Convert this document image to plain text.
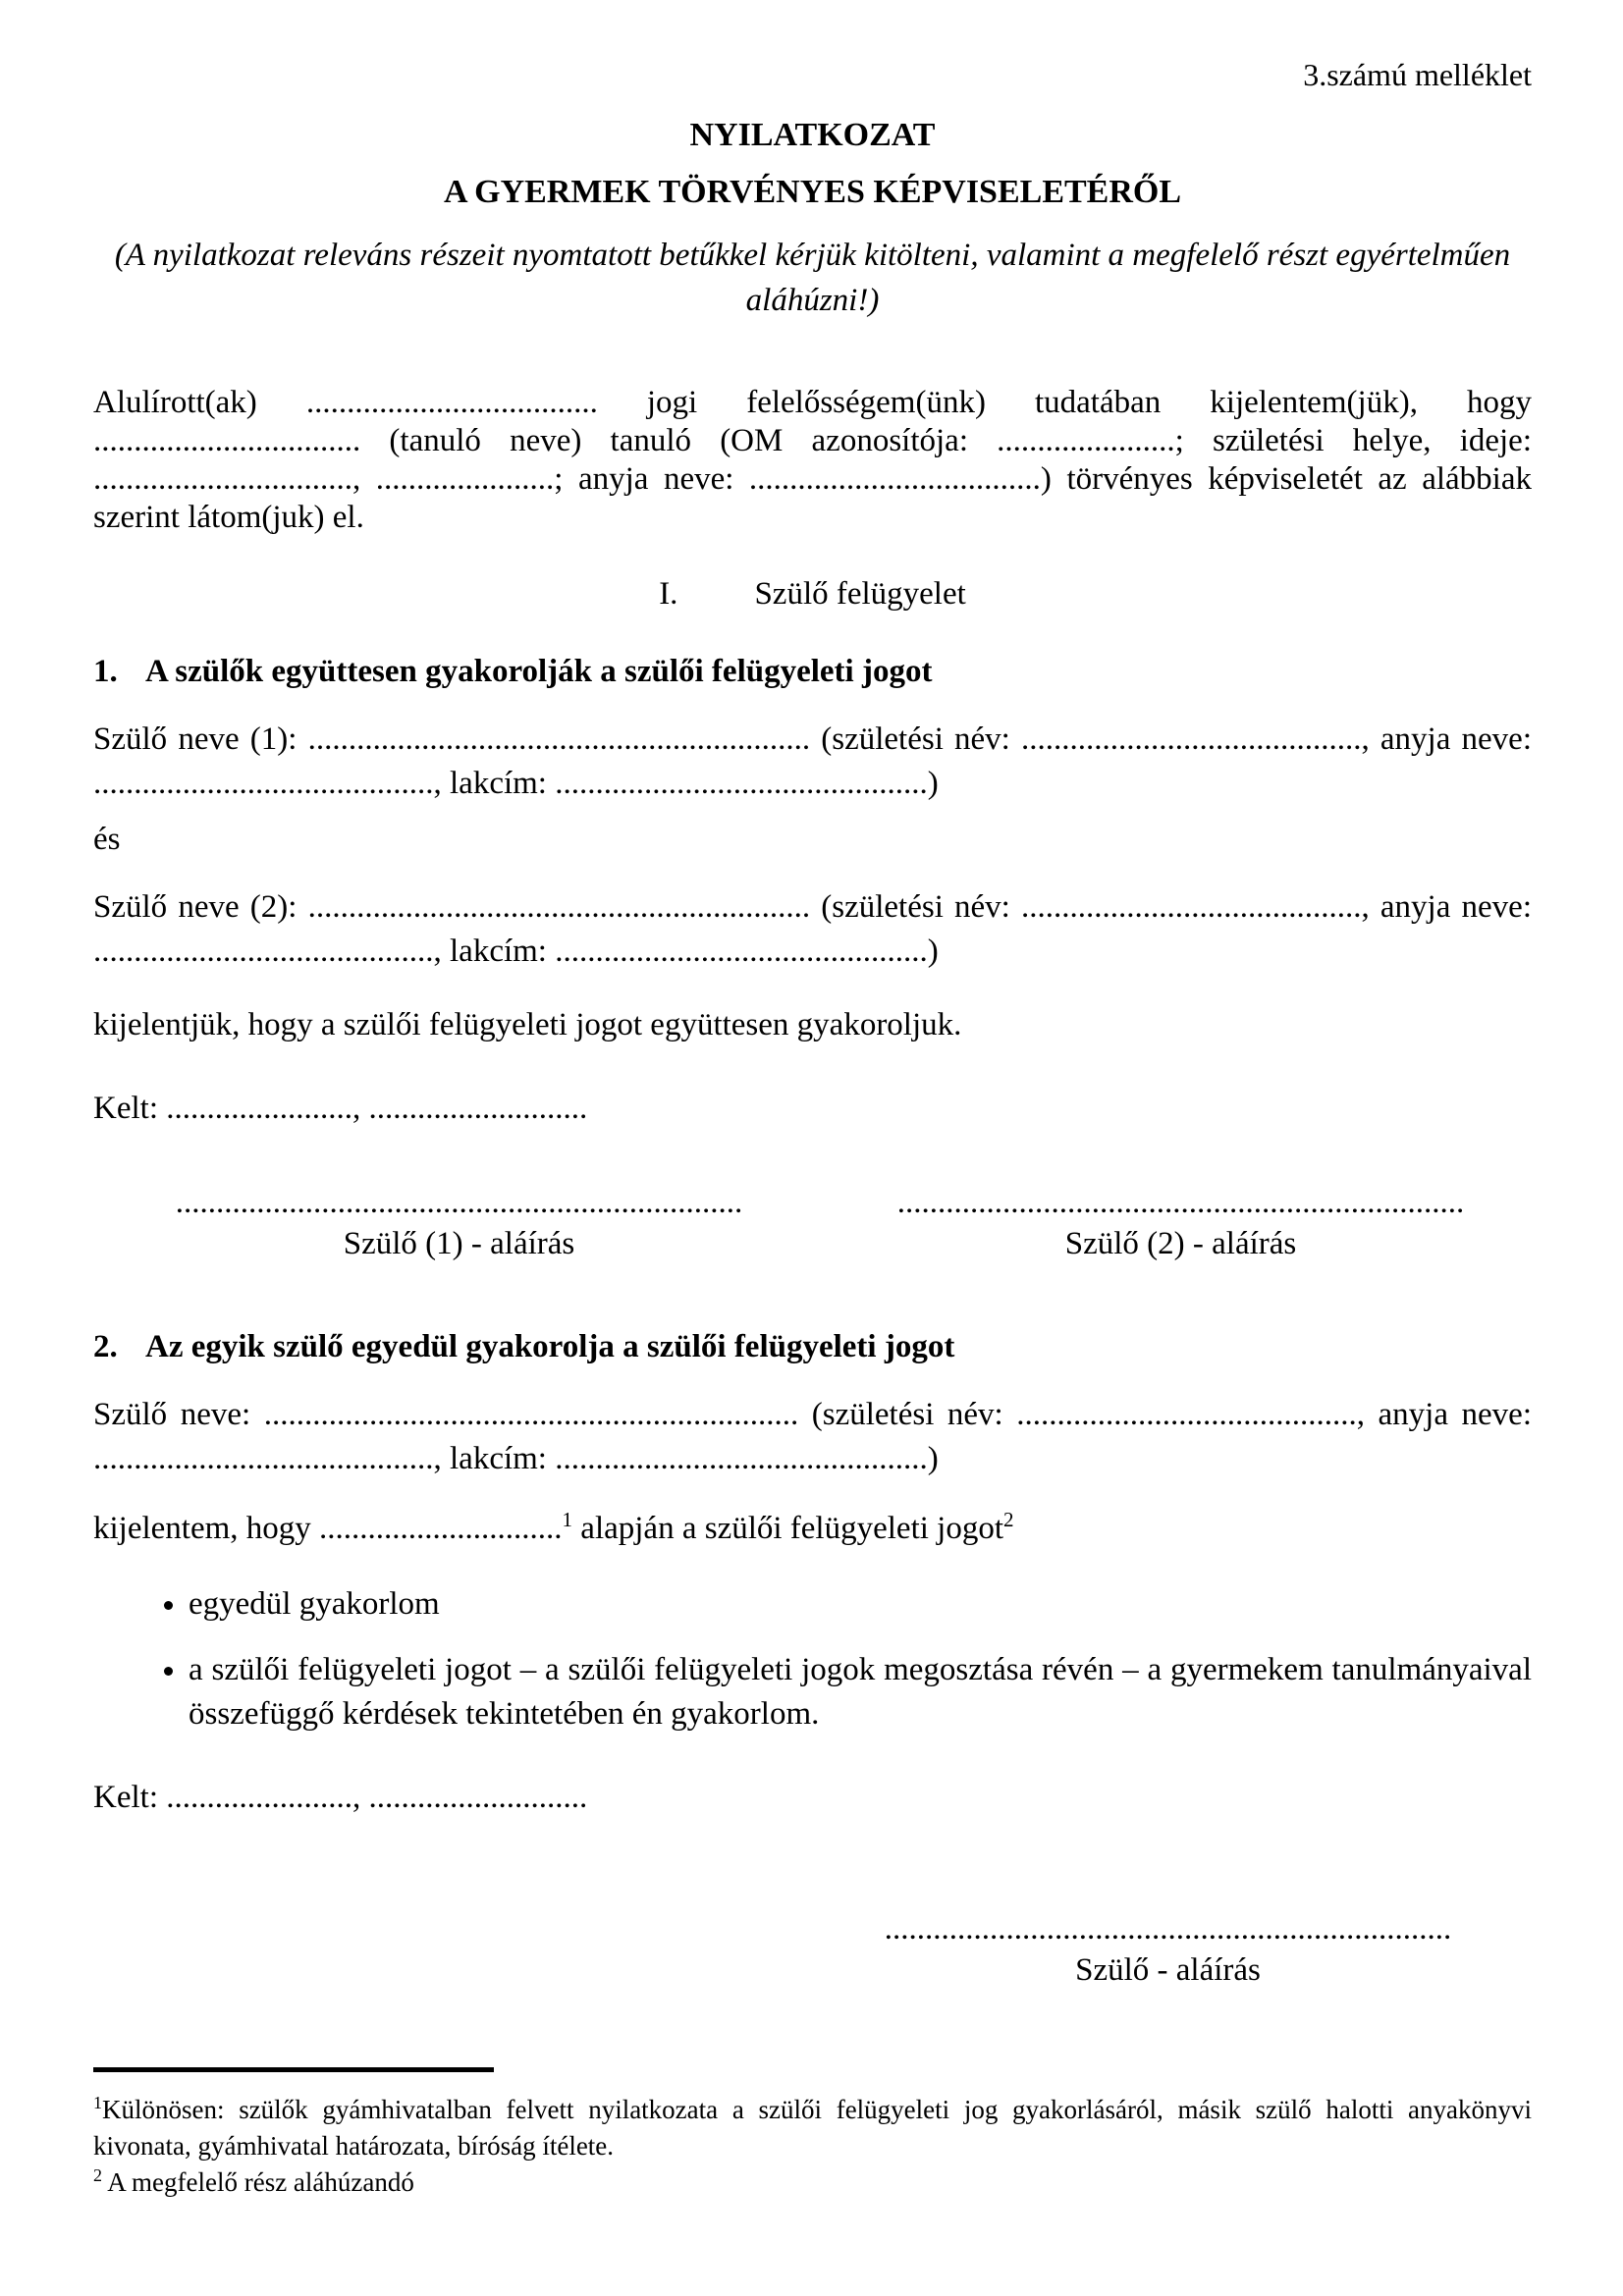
3.számú melléklet
NYILATKOZAT
A GYERMEK TÖRVÉNYES KÉPVISELETÉRŐL
(A nyilatkozat releváns részeit nyomtatott betűkkel kérjük kitölteni, valamint a megfelelő részt egyértelműen aláhúzni!)
Alulírott(ak) .................................... jogi felelősségem(ünk) tudatában kijelentem(jük), hogy ................................. (tanuló neve) tanuló (OM azonosítója: ......................; születési helye, ideje: ................................, ......................; anyja neve: ....................................) törvényes képviseletét az alábbiak szerint látom(juk) el.
I. Szülő felügyelet
1. A szülők együttesen gyakorolják a szülői felügyeleti jogot
Szülő neve (1): .............................................................. (születési név: .........................................., anyja neve: .........................................., lakcím: ..............................................)
és
Szülő neve (2): .............................................................. (születési név: .........................................., anyja neve: .........................................., lakcím: ..............................................)
kijelentjük, hogy a szülői felügyeleti jogot együttesen gyakoroljuk.
Kelt: ......................., ...........................
......................................................................
Szülő (1) - aláírás
......................................................................
Szülő (2) - aláírás
2. Az egyik szülő egyedül gyakorolja a szülői felügyeleti jogot
Szülő neve: .................................................................. (születési név: .........................................., anyja neve: .........................................., lakcím: ..............................................)
kijelentem, hogy ..............................$^1$ alapján a szülői felügyeleti jogot$^2$
• egyedül gyakorlom
• a szülői felügyeleti jogot – a szülői felügyeleti jogok megosztása révén – a gyermekem tanulmányaival összefüggő kérdések tekintetében én gyakorlom.
Kelt: ......................., ...........................
......................................................................
Szülő - aláírás
$^1$Különösen: szülők gyámhivatalban felvett nyilatkozata a szülői felügyeleti jog gyakorlásáról, másik szülő halotti anyakönyvi kivonata, gyámhivatal határozata, bíróság ítélete.
$^2$ A megfelelő rész aláhúzandó
